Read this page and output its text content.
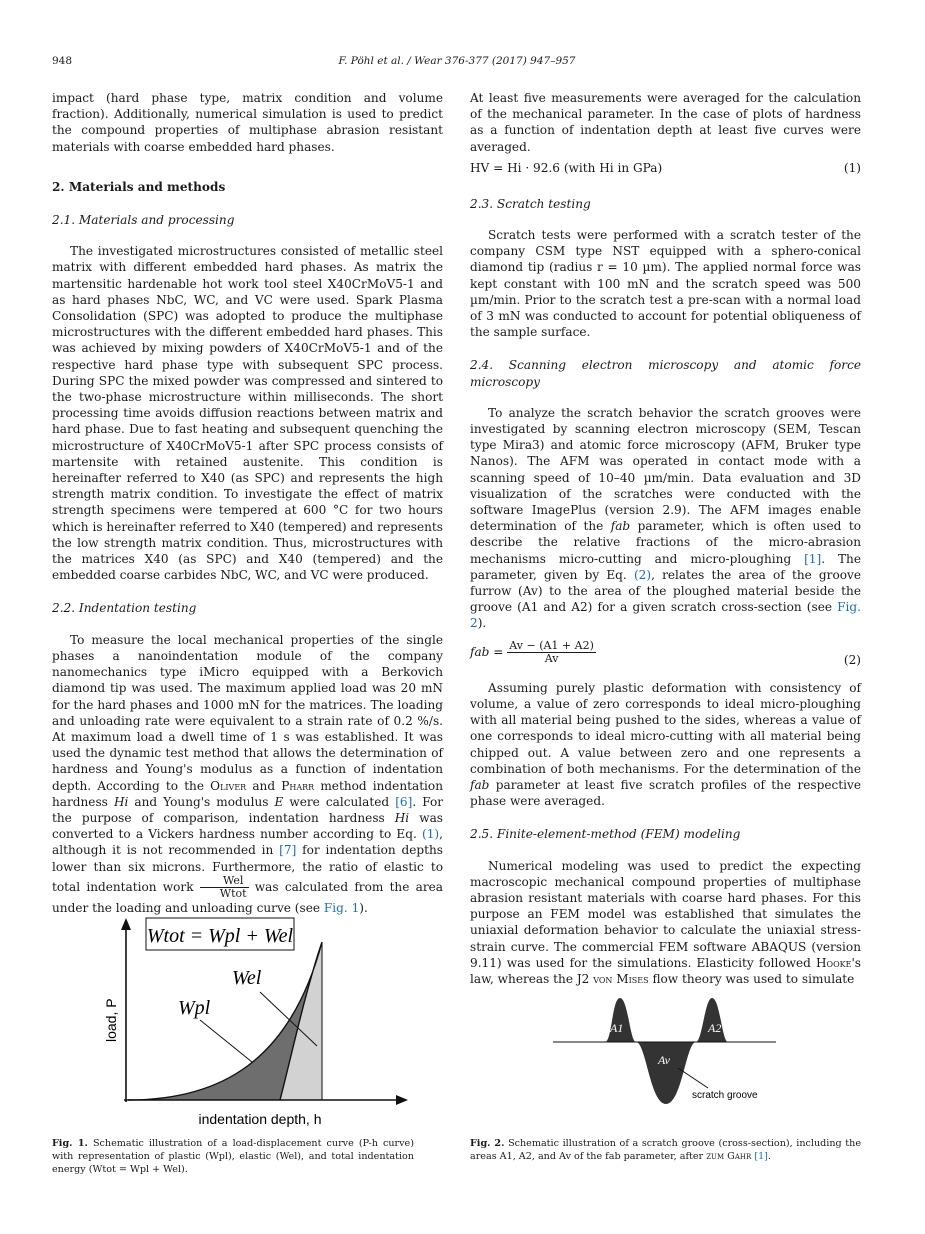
948	F. Pöhl et al. / Wear 376-377 (2017) 947–957

impact (hard phase type, matrix condition and volume fraction). Additionally, numerical simulation is used to predict the compound properties of multiphase abrasion resistant materials with coarse embedded hard phases.

2. Materials and methods

2.1. Materials and processing

The investigated microstructures consisted of metallic steel matrix with different embedded hard phases. As matrix the martensitic hardenable hot work tool steel X40CrMoV5-1 and as hard phases NbC, WC, and VC were used. Spark Plasma Consolidation (SPC) was adopted to produce the multiphase microstructures with the different embedded hard phases. This was achieved by mixing powders of X40CrMoV5-1 and of the respective hard phase type with subsequent SPC process. During SPC the mixed powder was compressed and sintered to the two-phase microstructure within milliseconds. The short processing time avoids diffusion reactions between matrix and hard phase. Due to fast heating and subsequent quenching the microstructure of X40CrMoV5-1 after SPC process consists of martensite with retained austenite. This condition is hereinafter referred to X40 (as SPC) and represents the high strength matrix condition. To investigate the effect of matrix strength specimens were tempered at 600 °C for two hours which is hereinafter referred to X40 (tempered) and represents the low strength matrix condition. Thus, microstructures with the matrices X40 (as SPC) and X40 (tempered) and the embedded coarse carbides NbC, WC, and VC were produced.

2.2. Indentation testing

To measure the local mechanical properties of the single phases a nanoindentation module of the company nanomechanics type iMicro equipped with a Berkovich diamond tip was used. The maximum applied load was 20 mN for the hard phases and 1000 mN for the matrices. The loading and unloading rate were equivalent to a strain rate of 0.2 %/s. At maximum load a dwell time of 1 s was established. It was used the dynamic test method that allows the determination of hardness and Young's modulus as a function of indentation depth. According to the Oliver and Pharr method indentation hardness Hi and Young's modulus E were calculated [6]. For the purpose of comparison, indentation hardness Hi was converted to a Vickers hardness number according to Eq. (1), although it is not recommended in [7] for indentation depths lower than six microns. Furthermore, the ratio of elastic to total indentation work $\frac{\text{Wel}}{\text{Wtot}}$ was calculated from the area under the loading and unloading curve (see Fig. 1).

Wtot = Wpl + Wel
Wel
Wpl
load, P
indentation depth, h
Fig. 1. Schematic illustration of a load-displacement curve (P-h curve) with representation of plastic (Wpl), elastic (Wel), and total indentation energy (Wtot = Wpl + Wel).

At least five measurements were averaged for the calculation of the mechanical parameter. In the case of plots of hardness as a function of indentation depth at least five curves were averaged.

HV = Hi · 92.6 (with Hi in GPa)	(1)

2.3. Scratch testing

Scratch tests were performed with a scratch tester of the company CSM type NST equipped with a sphero-conical diamond tip (radius r = 10 µm). The applied normal force was kept constant with 100 mN and the scratch speed was 500 µm/min. Prior to the scratch test a pre-scan with a normal load of 3 mN was conducted to account for potential obliqueness of the sample surface.

2.4. Scanning electron microscopy and atomic force microscopy

To analyze the scratch behavior the scratch grooves were investigated by scanning electron microscopy (SEM, Tescan type Mira3) and atomic force microscopy (AFM, Bruker type Nanos). The AFM was operated in contact mode with a scanning speed of 10–40 µm/min. Data evaluation and 3D visualization of the scratches were conducted with the software ImagePlus (version 2.9). The AFM images enable determination of the fab parameter, which is often used to describe the relative fractions of the micro-abrasion mechanisms micro-cutting and micro-ploughing [1]. The parameter, given by Eq. (2), relates the area of the groove furrow (Av) to the area of the ploughed material beside the groove (A1 and A2) for a given scratch cross-section (see Fig. 2).

fab = $\frac{Av - (A1 + A2)}{Av}$	(2)

Assuming purely plastic deformation with consistency of volume, a value of zero corresponds to ideal micro-ploughing with all material being pushed to the sides, whereas a value of one corresponds to ideal micro-cutting with all material being chipped out. A value between zero and one represents a combination of both mechanisms. For the determination of the fab parameter at least five scratch profiles of the respective phase were averaged.

2.5. Finite-element-method (FEM) modeling

Numerical modeling was used to predict the expecting macroscopic mechanical compound properties of multiphase abrasion resistant materials with coarse hard phases. For this purpose an FEM model was established that simulates the uniaxial deformation behavior to calculate the uniaxial stress-strain curve. The commercial FEM software ABAQUS (version 9.11) was used for the simulations. Elasticity followed Hooke's law, whereas the J2 von Mises flow theory was used to simulate

A1	A2
Av
scratch groove
Fig. 2. Schematic illustration of a scratch groove (cross-section), including the areas A1, A2, and Av of the fab parameter, after zum Gahr [1].
